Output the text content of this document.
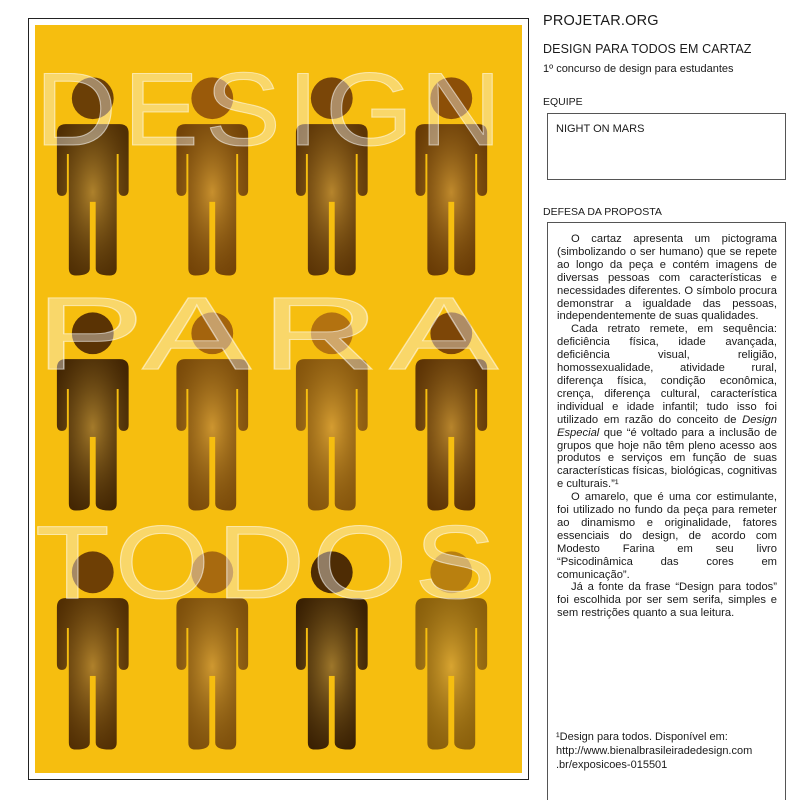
DESIGN
PARA
TODOS
PROJETAR.ORG
DESIGN PARA TODOS EM CARTAZ
1º concurso de design para estudantes
EQUIPE
NIGHT ON MARS
DEFESA DA PROPOSTA

O cartaz apresenta um pictograma (simbolizando o ser humano) que se repete ao longo da peça e contém imagens de diversas pessoas com características e necessidades diferentes. O símbolo procura demonstrar a igualdade das pessoas, independentemente de suas qualidades.

Cada retrato remete, em sequência: deficiência física, idade avançada, deficiência visual, religião, homossexualidade, atividade rural, diferença física, condição econômica, crença, diferença cultural, característica individual e idade infantil; tudo isso foi utilizado em razão do conceito de Design Especial que “é voltado para a inclusão de grupos que hoje não têm pleno acesso aos produtos e serviços em função de suas características físicas, biológicas, cognitivas e culturais.”¹

O amarelo, que é uma cor estimulante, foi utilizado no fundo da peça para remeter ao dinamismo e originalidade, fatores essenciais do design, de acordo com Modesto Farina em seu livro “Psicodinâmica das cores em comunicação”.

Já a fonte da frase “Design para todos” foi escolhida por ser sem serifa, simples e sem restrições quanto a sua leitura.

¹Design para todos. Disponível em:
http://www.bienalbrasileiradedesign.com
.br/exposicoes-015501
